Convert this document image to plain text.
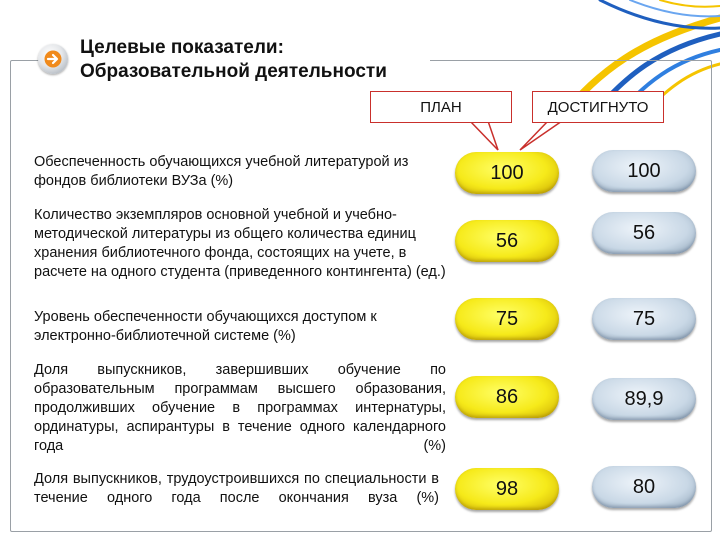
Целевые показатели:
Образовательной деятельности
ПЛАН	ДОСТИГНУТО
Обеспеченность обучающихся учебной литературой из фондов библиотеки ВУЗа (%)	100	100
Количество экземпляров основной учебной и учебно-методической литературы из общего количества единиц хранения библиотечного фонда, состоящих на учете, в расчете на одного студента (приведенного контингента) (ед.)
56	56
Уровень обеспеченности обучающихся доступом к электронно-библиотечной системе (%)
75	75
Доля выпускников, завершивших обучение по образовательным программам высшего образования, продолживших обучение в программах интернатуры, ординатуры, аспирантуры в течение одного календарного года (%)
86	89,9
Доля выпускников, трудоустроившихся по специальности в течение одного года после окончания вуза (%)	98	80
